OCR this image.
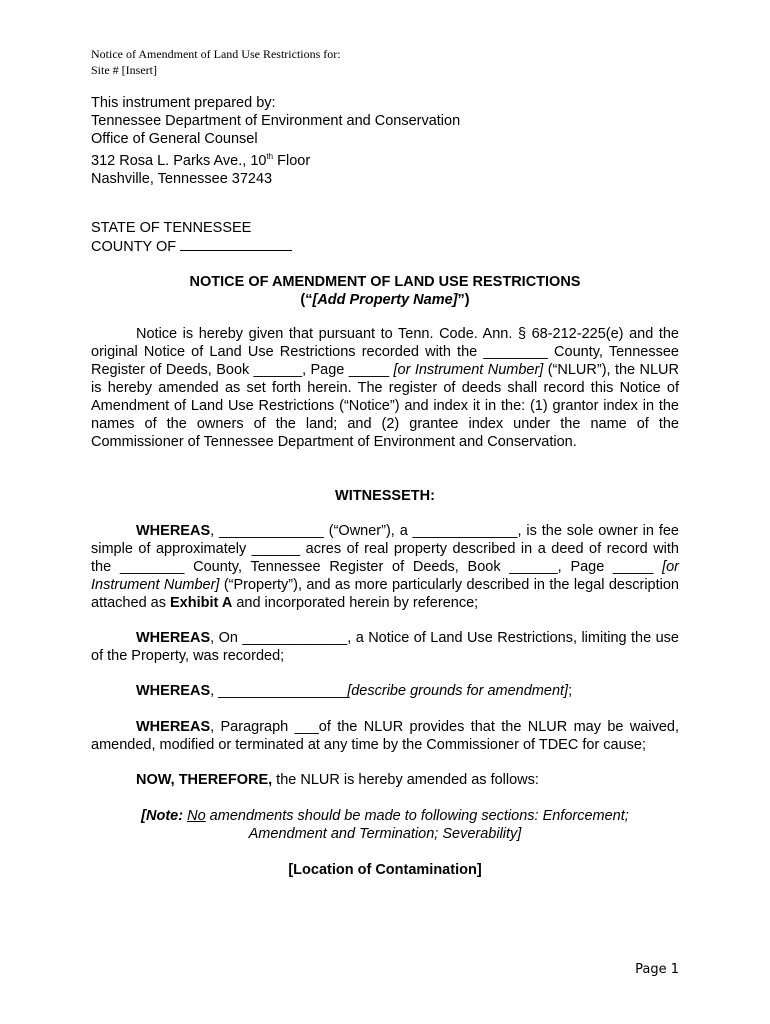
Notice of Amendment of Land Use Restrictions for:
Site # [Insert]
This instrument prepared by:
Tennessee Department of Environment and Conservation
Office of General Counsel
312 Rosa L. Parks Ave., 10th Floor
Nashville, Tennessee 37243
STATE OF TENNESSEE
COUNTY OF
NOTICE OF AMENDMENT OF LAND USE RESTRICTIONS
(“[Add Property Name]”)
Notice is hereby given that pursuant to Tenn. Code. Ann. § 68-212-225(e) and the original Notice of Land Use Restrictions recorded with the ________ County, Tennessee Register of Deeds, Book ______, Page _____ [or Instrument Number] (“NLUR”), the NLUR is hereby amended as set forth herein. The register of deeds shall record this Notice of Amendment of Land Use Restrictions (“Notice”) and index it in the: (1) grantor index in the names of the owners of the land; and (2) grantee index under the name of the Commissioner of Tennessee Department of Environment and Conservation.
WITNESSETH:
WHEREAS, _____________ (“Owner”), a _____________, is the sole owner in fee simple of approximately ______ acres of real property described in a deed of record with the ________ County, Tennessee Register of Deeds, Book ______, Page _____ [or Instrument Number] (“Property”), and as more particularly described in the legal description attached as Exhibit A and incorporated herein by reference;
WHEREAS, On _____________, a Notice of Land Use Restrictions, limiting the use of the Property, was recorded;
WHEREAS, ________________[describe grounds for amendment];
WHEREAS, Paragraph ___of the NLUR provides that the NLUR may be waived, amended, modified or terminated at any time by the Commissioner of TDEC for cause;
NOW, THEREFORE, the NLUR is hereby amended as follows:
[Note: No amendments should be made to following sections: Enforcement; Amendment and Termination; Severability]
[Location of Contamination]
Page 1
